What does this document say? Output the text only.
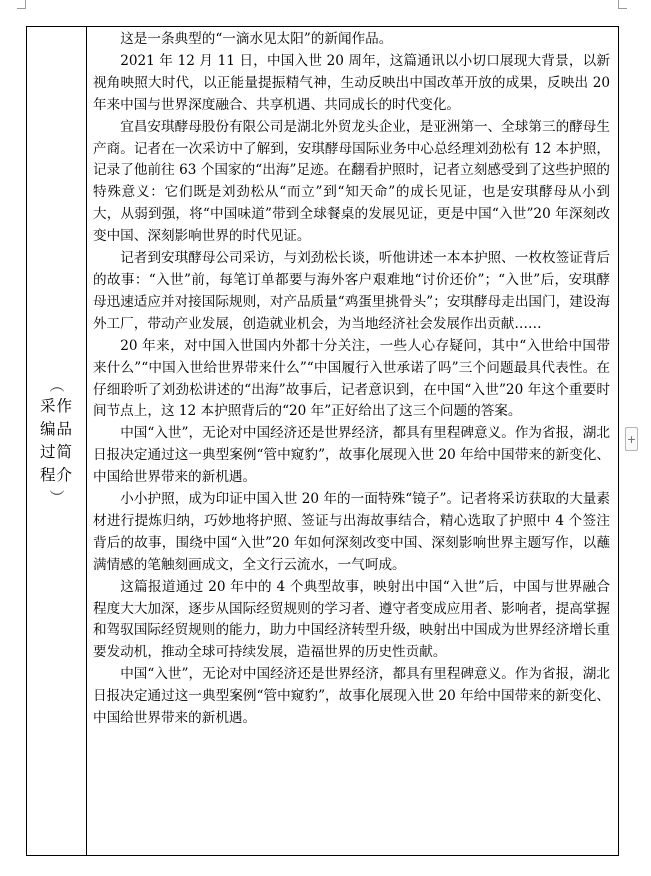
（
采作编品过简程介
）

这是一条典型的“一滴水见太阳”的新闻作品。

2021 年 12 月 11 日，中国入世 20 周年，这篇通讯以小切口展现大背景，以新视角映照大时代，以正能量提振精气神，生动反映出中国改革开放的成果，反映出 20 年来中国与世界深度融合、共享机遇、共同成长的时代变化。

宜昌安琪酵母股份有限公司是湖北外贸龙头企业，是亚洲第一、全球第三的酵母生产商。记者在一次采访中了解到，安琪酵母国际业务中心总经理刘劲松有 12 本护照，记录了他前往 63 个国家的“出海”足迹。在翻看护照时，记者立刻感受到了这些护照的特殊意义：它们既是刘劲松从“而立”到“知天命”的成长见证，也是安琪酵母从小到大，从弱到强，将“中国味道”带到全球餐桌的发展见证，更是中国“入世”20 年深刻改变中国、深刻影响世界的时代见证。

记者到安琪酵母公司采访，与刘劲松长谈，听他讲述一本本护照、一枚枚签证背后的故事：“入世”前，每笔订单都要与海外客户艰难地“讨价还价”；“入世”后，安琪酵母迅速适应并对接国际规则，对产品质量“鸡蛋里挑骨头”；安琪酵母走出国门，建设海外工厂，带动产业发展，创造就业机会，为当地经济社会发展作出贡献……

20 年来，对中国入世国内外都十分关注，一些人心存疑问，其中“入世给中国带来什么”“中国入世给世界带来什么”“中国履行入世承诺了吗”三个问题最具代表性。在仔细聆听了刘劲松讲述的“出海”故事后，记者意识到，在中国“入世”20 年这个重要时间节点上，这 12 本护照背后的“20 年”正好给出了这三个问题的答案。

中国“入世”，无论对中国经济还是世界经济，都具有里程碑意义。作为省报，湖北日报决定通过这一典型案例“管中窥豹”，故事化展现入世 20 年给中国带来的新变化、中国给世界带来的新机遇。

小小护照，成为印证中国入世 20 年的一面特殊“镜子”。记者将采访获取的大量素材进行提炼归纳，巧妙地将护照、签证与出海故事结合，精心选取了护照中 4 个签注背后的故事，围绕中国“入世”20 年如何深刻改变中国、深刻影响世界主题写作，以蘸满情感的笔触刻画成文，全文行云流水，一气呵成。

这篇报道通过 20 年中的 4 个典型故事，映射出中国“入世”后，中国与世界融合程度大大加深，逐步从国际经贸规则的学习者、遵守者变成应用者、影响者，提高掌握和驾驭国际经贸规则的能力，助力中国经济转型升级，映射出中国成为世界经济增长重要发动机，推动全球可持续发展，造福世界的历史性贡献。

中国“入世”，无论对中国经济还是世界经济，都具有里程碑意义。作为省报，湖北日报决定通过这一典型案例“管中窥豹”，故事化展现入世 20 年给中国带来的新变化、中国给世界带来的新机遇。

+
